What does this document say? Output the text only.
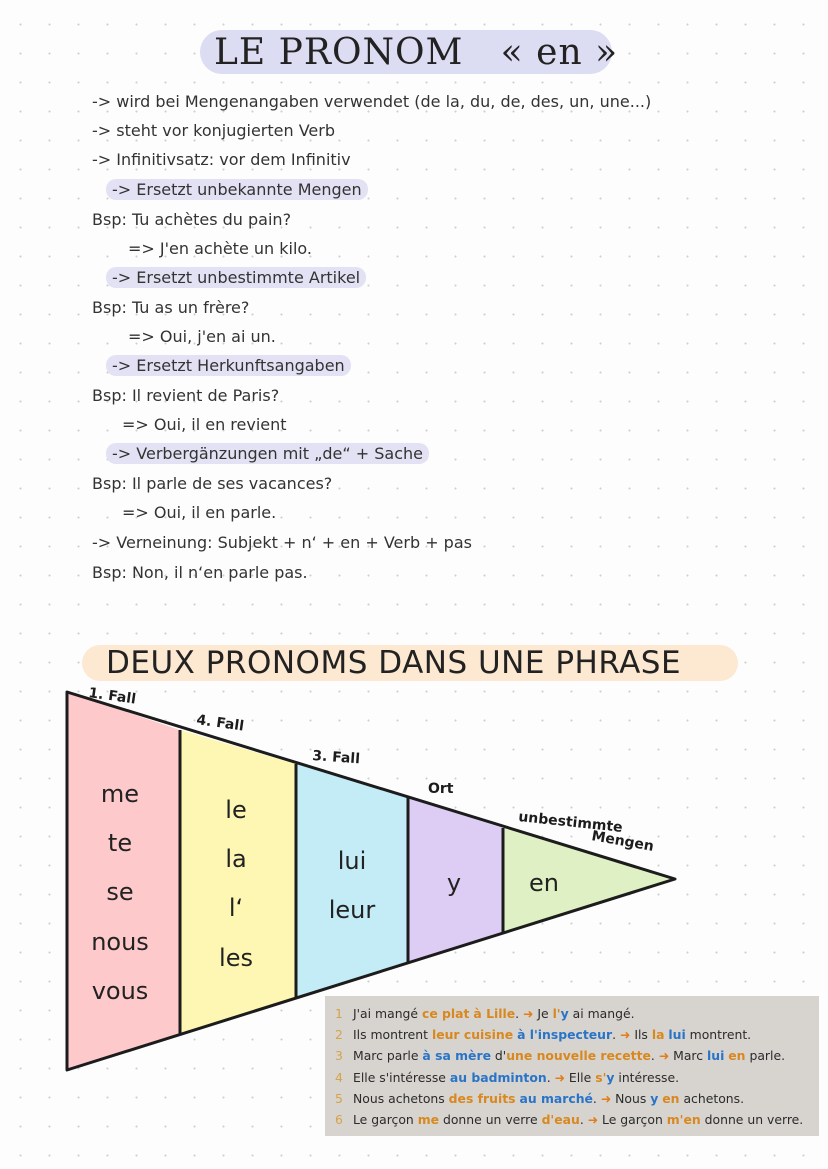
LE PRONOM   « en »
-> wird bei Mengenangaben verwendet (de la, du, de, des, un, une...)
-> steht vor konjugierten Verb
-> Infinitivsatz: vor dem Infinitiv
-> Ersetzt unbekannte Mengen
Bsp: Tu achètes du pain?
=> J'en achète un kilo.
-> Ersetzt unbestimmte Artikel
Bsp: Tu as un frère?
=> Oui, j'en ai un.
-> Ersetzt Herkunftsangaben
Bsp: Il revient de Paris?
=> Oui, il en revient
-> Verbergänzungen mit „de“ + Sache
Bsp: Il parle de ses vacances?
=> Oui, il en parle.
-> Verneinung: Subjekt + n‘ + en + Verb + pas
Bsp: Non, il n‘en parle pas.
DEUX PRONOMS DANS UNE PHRASE
1. Fall
4. Fall
3. Fall
Ort
unbestimmte
Mengen
me
te
se
nous
vous
le
la
l‘
les
lui
leur
y	en
1 J'ai mangé ce plat à Lille. ➜ Je l'y ai mangé.
2 Ils montrent leur cuisine à l'inspecteur. ➜ Ils la lui montrent.
3 Marc parle à sa mère d'une nouvelle recette. ➜ Marc lui en parle.
4 Elle s'intéresse au badminton. ➜ Elle s'y intéresse.
5 Nous achetons des fruits au marché. ➜ Nous y en achetons.
6 Le garçon me donne un verre d'eau. ➜ Le garçon m'en donne un verre.
